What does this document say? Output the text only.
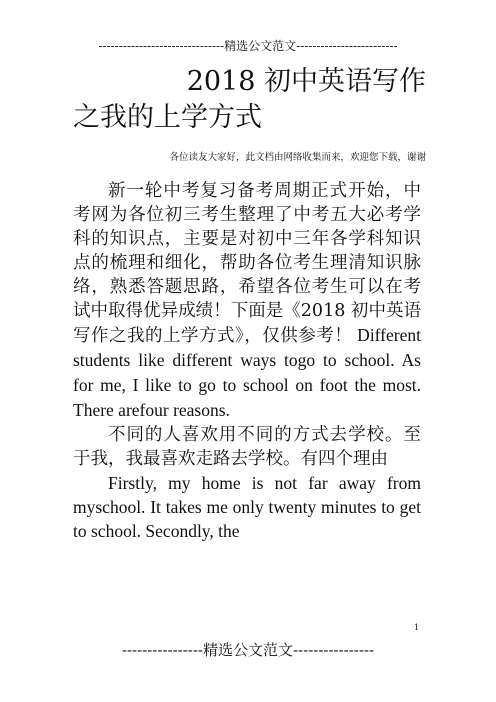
-------------------------------精选公文范文-------------------------
2018 初中英语写作
之我的上学方式
各位读友大家好，此文档由网络收集而来，欢迎您下载，谢谢

新一轮中考复习备考周期正式开始，中考网为各位初三考生整理了中考五大必考学科的知识点，主要是对初中三年各学科知识点的梳理和细化，帮助各位考生理清知识脉络，熟悉答题思路，希望各位考生可以在考试中取得优异成绩！下面是《2018 初中英语写作之我的上学方式》，仅供参考！ Different students like different ways togo to school. As for me, I like to go to school on foot the most. There arefour reasons.

不同的人喜欢用不同的方式去学校。至于我，我最喜欢走路去学校。有四个理由

Firstly, my home is not far away from myschool. It takes me only twenty minutes to get to school. Secondly, the

1
----------------精选公文范文----------------
